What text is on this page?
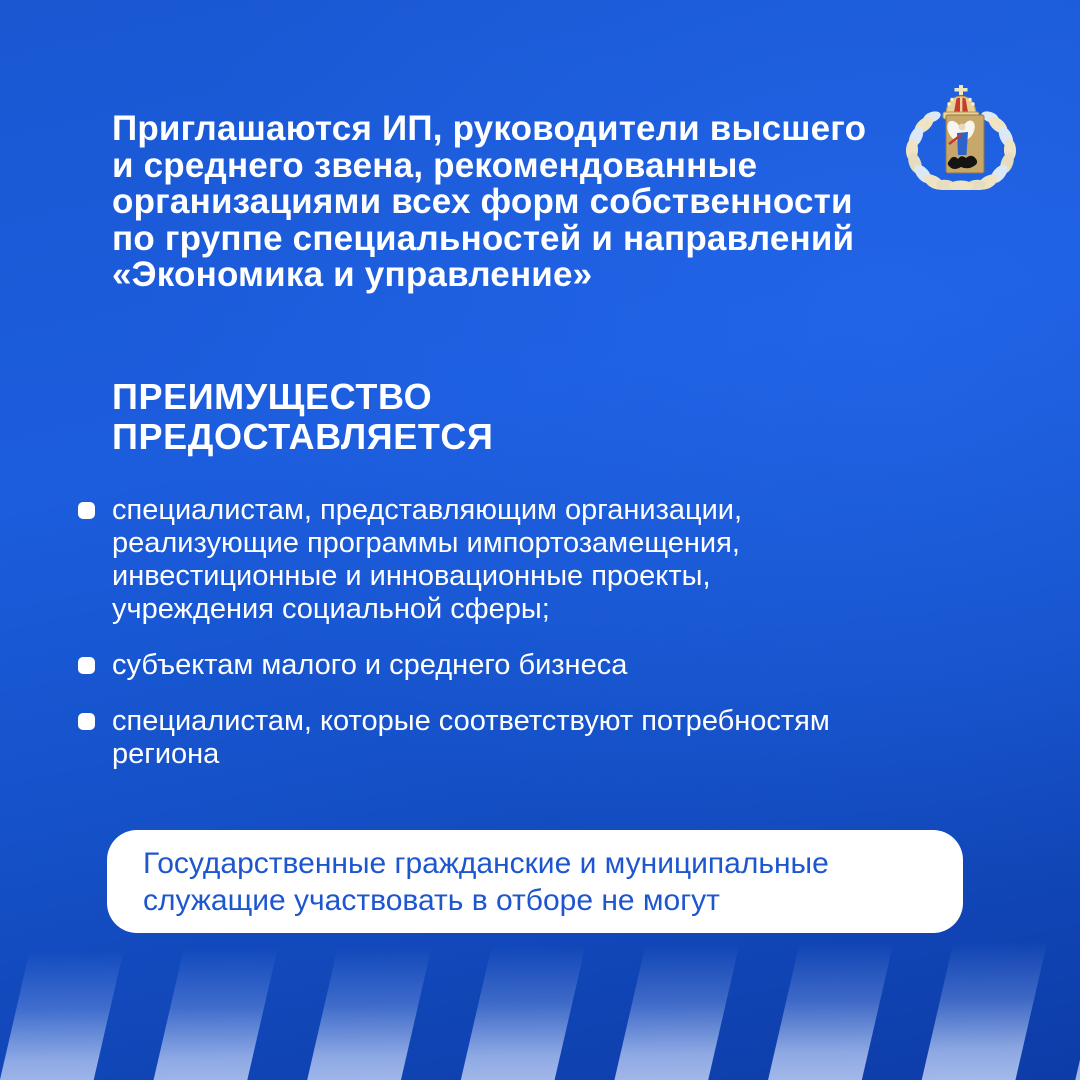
Приглашаются ИП, руководители высшего
и среднего звена, рекомендованные
организациями всех форм собственности
по группе специальностей и направлений
«Экономика и управление»
ПРЕИМУЩЕСТВО
ПРЕДОСТАВЛЯЕТСЯ
специалистам, представляющим организации,
реализующие программы импортозамещения,
инвестиционные и инновационные проекты,
учреждения социальной сферы;
субъектам малого и среднего бизнеса
специалистам, которые соответствуют потребностям
региона
Государственные гражданские и муниципальные
служащие участвовать в отборе не могут
